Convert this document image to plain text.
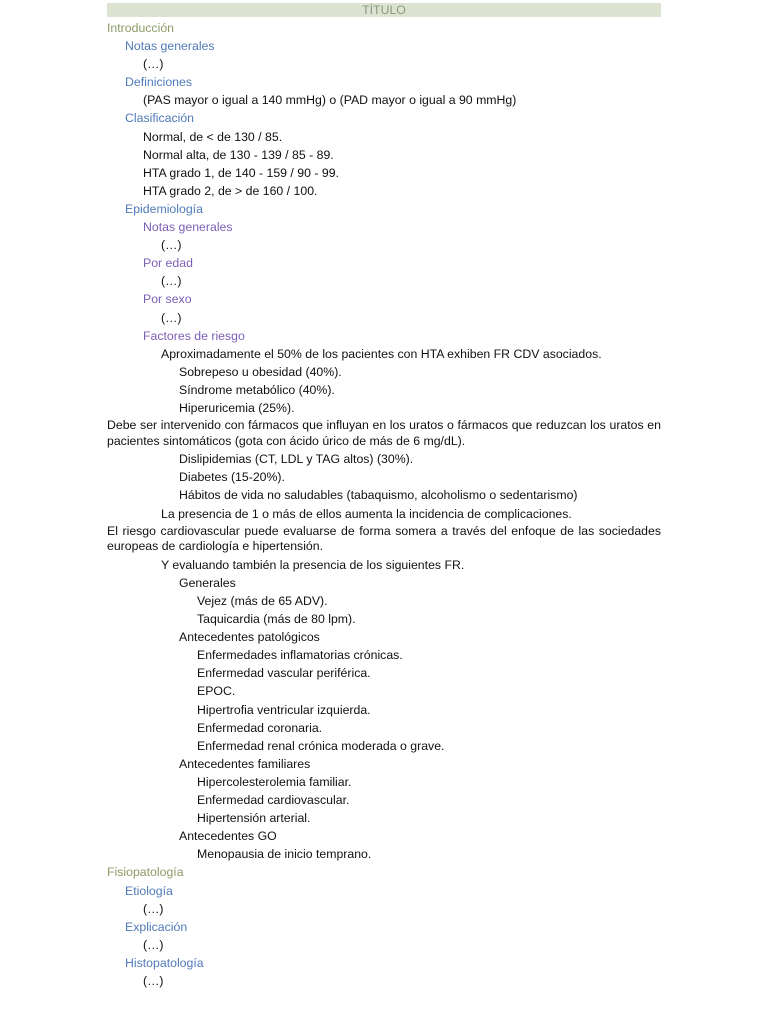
TÍTULO
Introducción
Notas generales
(…)
Definiciones
(PAS mayor o igual a 140 mmHg) o (PAD mayor o igual a 90 mmHg)
Clasificación
Normal, de < de 130 / 85.
Normal alta, de 130 - 139 / 85 - 89.
HTA grado 1, de 140 - 159 / 90 - 99.
HTA grado 2, de > de 160 / 100.
Epidemiología
Notas generales
(…)
Por edad
(…)
Por sexo
(…)
Factores de riesgo
Aproximadamente el 50% de los pacientes con HTA exhiben FR CDV asociados.
Sobrepeso u obesidad (40%).
Síndrome metabólico (40%).
Hiperuricemia (25%).
Debe ser intervenido con fármacos que influyan en los uratos o fármacos que reduzcan los uratos en pacientes sintomáticos (gota con ácido úrico de más de 6 mg/dL).
Dislipidemias (CT, LDL y TAG altos) (30%).
Diabetes (15-20%).
Hábitos de vida no saludables (tabaquismo, alcoholismo o sedentarismo)
La presencia de 1 o más de ellos aumenta la incidencia de complicaciones.
El riesgo cardiovascular puede evaluarse de forma somera a través del enfoque de las sociedades europeas de cardiología e hipertensión.
Y evaluando también la presencia de los siguientes FR.
Generales
Vejez (más de 65 ADV).
Taquicardia (más de 80 lpm).
Antecedentes patológicos
Enfermedades inflamatorias crónicas.
Enfermedad vascular periférica.
EPOC.
Hipertrofia ventricular izquierda.
Enfermedad coronaria.
Enfermedad renal crónica moderada o grave.
Antecedentes familiares
Hipercolesterolemia familiar.
Enfermedad cardiovascular.
Hipertensión arterial.
Antecedentes GO
Menopausia de inicio temprano.
Fisiopatología
Etiología
(…)
Explicación
(…)
Histopatología
(…)
